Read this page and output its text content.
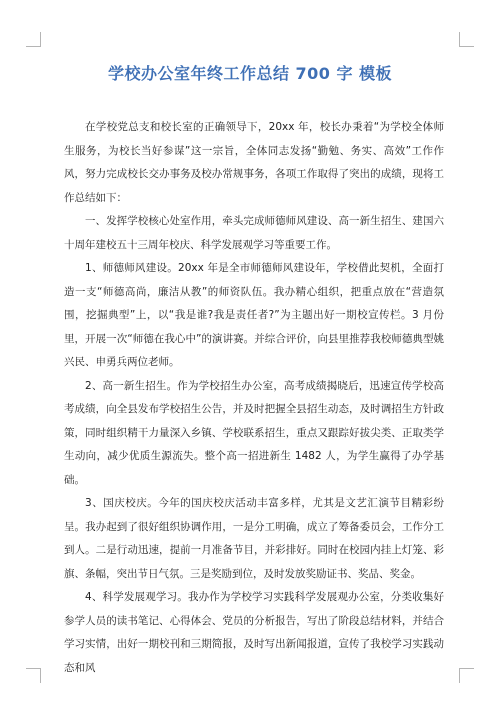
学校办公室年终工作总结 700 字 模板

在学校党总支和校长室的正确领导下，20xx 年，校长办秉着“为学校全体师生服务，为校长当好参谋”这一宗旨，全体同志发扬“勤勉、务实、高效”工作作风，努力完成校长交办事务及校办常规事务，各项工作取得了突出的成绩，现将工作总结如下：

一、发挥学校核心处室作用，牵头完成师德师风建设、高一新生招生、建国六十周年建校五十三周年校庆、科学发展观学习等重要工作。

1、师德师风建设。20xx 年是全市师德师风建设年，学校借此契机，全面打造一支“师德高尚，廉洁从教”的师资队伍。我办精心组织，把重点放在“营造氛围，挖掘典型”上，以“我是谁?我是责任者?”为主题出好一期校宣传栏。3 月份里，开展一次“师德在我心中”的演讲赛。并综合评价，向县里推荐我校师德典型姚兴民、申勇兵两位老师。

2、高一新生招生。作为学校招生办公室，高考成绩揭晓后，迅速宣传学校高考成绩，向全县发布学校招生公告，并及时把握全县招生动态，及时调招生方针政策，同时组织精干力量深入乡镇、学校联系招生，重点又跟踪好拔尖类、正取类学生动向，减少优质生源流失。整个高一招进新生 1482 人，为学生赢得了办学基础。

3、国庆校庆。今年的国庆校庆活动丰富多样，尤其是文艺汇演节目精彩纷呈。我办起到了很好组织协调作用，一是分工明确，成立了筹备委员会，工作分工到人。二是行动迅速，提前一月准备节目，并彩排好。同时在校园内挂上灯笼、彩旗、条幅，突出节日气氛。三是奖励到位，及时发放奖励证书、奖品、奖金。

4、科学发展观学习。我办作为学校学习实践科学发展观办公室，分类收集好参学人员的读书笔记、心得体会、党员的分析报告，写出了阶段总结材料，并结合学习实情，出好一期校刊和三期简报，及时写出新闻报道，宣传了我校学习实践动态和风
